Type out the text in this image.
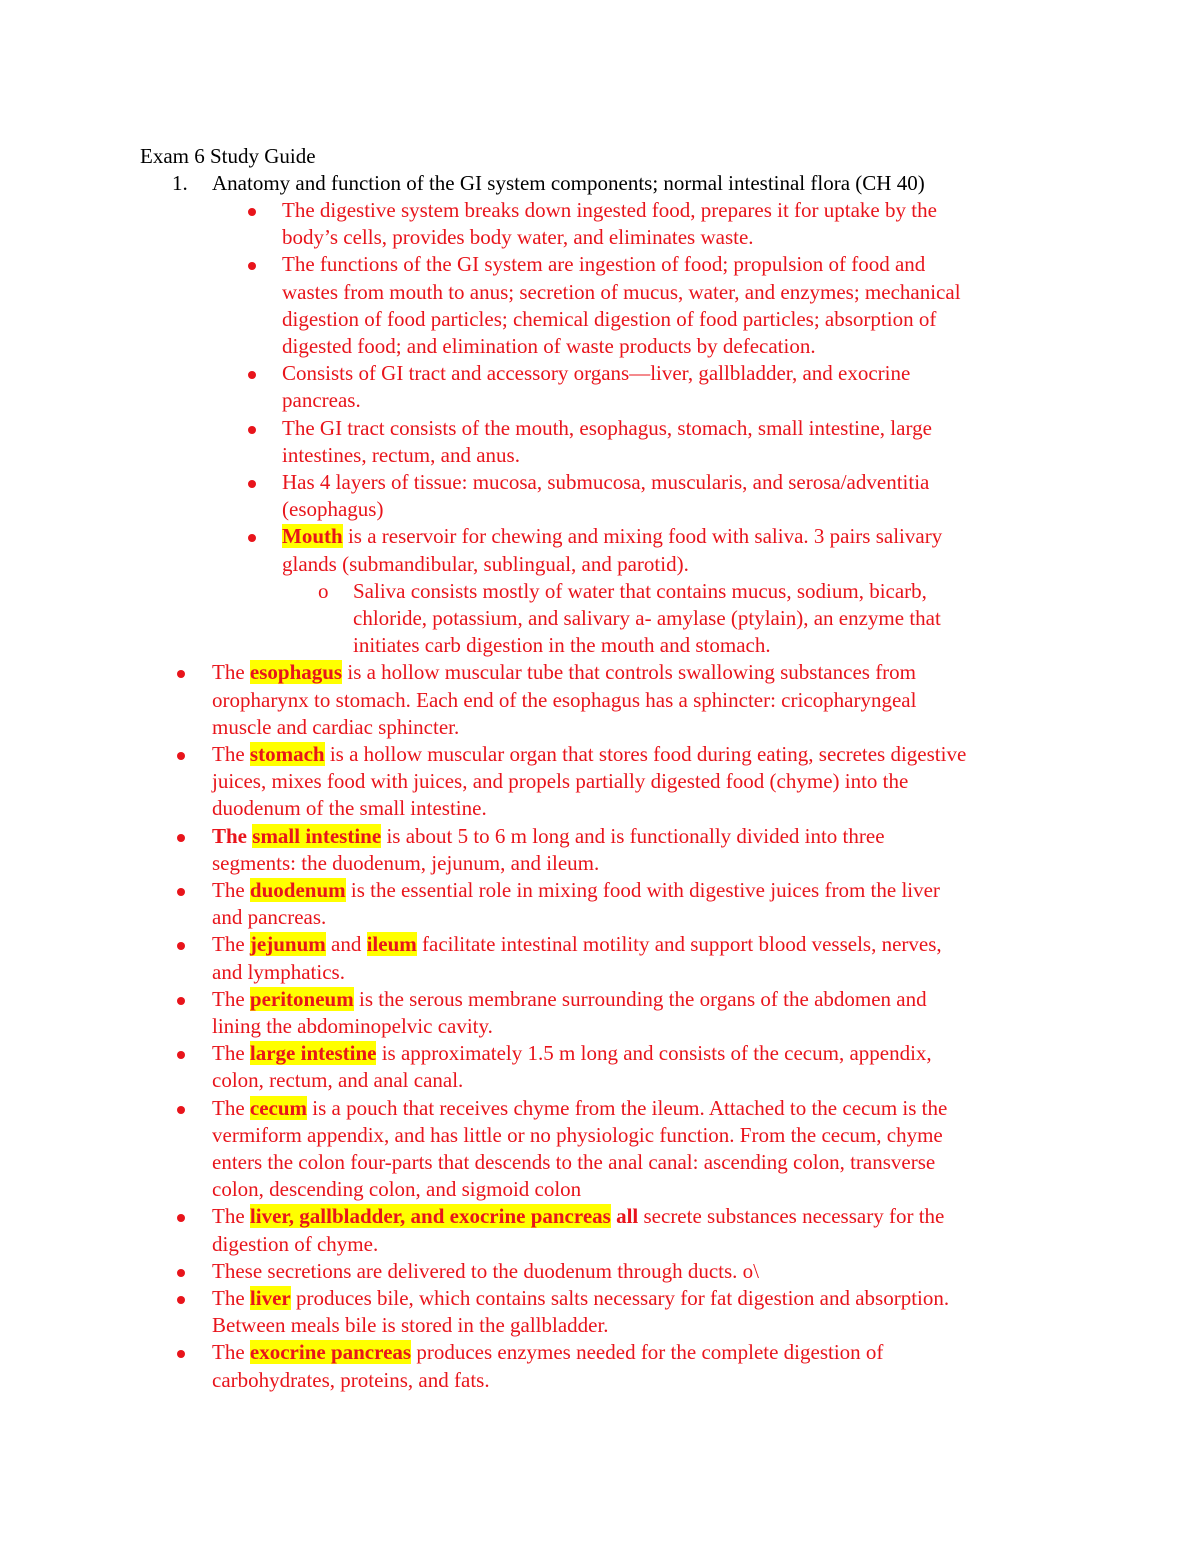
Exam 6 Study Guide
1. Anatomy and function of the GI system components; normal intestinal flora (CH 40)
The digestive system breaks down ingested food, prepares it for uptake by the
body’s cells, provides body water, and eliminates waste.
The functions of the GI system are ingestion of food; propulsion of food and
wastes from mouth to anus; secretion of mucus, water, and enzymes; mechanical
digestion of food particles; chemical digestion of food particles; absorption of
digested food; and elimination of waste products by defecation.
Consists of GI tract and accessory organs—liver, gallbladder, and exocrine
pancreas.
The GI tract consists of the mouth, esophagus, stomach, small intestine, large
intestines, rectum, and anus.
Has 4 layers of tissue: mucosa, submucosa, muscularis, and serosa/adventitia
(esophagus)
Mouth is a reservoir for chewing and mixing food with saliva. 3 pairs salivary
glands (submandibular, sublingual, and parotid).
o Saliva consists mostly of water that contains mucus, sodium, bicarb,
chloride, potassium, and salivary a- amylase (ptylain), an enzyme that
initiates carb digestion in the mouth and stomach.
The esophagus is a hollow muscular tube that controls swallowing substances from
oropharynx to stomach. Each end of the esophagus has a sphincter: cricopharyngeal
muscle and cardiac sphincter.
The stomach is a hollow muscular organ that stores food during eating, secretes digestive
juices, mixes food with juices, and propels partially digested food (chyme) into the
duodenum of the small intestine.
The small intestine is about 5 to 6 m long and is functionally divided into three
segments: the duodenum, jejunum, and ileum.
The duodenum is the essential role in mixing food with digestive juices from the liver
and pancreas.
The jejunum and ileum facilitate intestinal motility and support blood vessels, nerves,
and lymphatics.
The peritoneum is the serous membrane surrounding the organs of the abdomen and
lining the abdominopelvic cavity.
The large intestine is approximately 1.5 m long and consists of the cecum, appendix,
colon, rectum, and anal canal.
The cecum is a pouch that receives chyme from the ileum. Attached to the cecum is the
vermiform appendix, and has little or no physiologic function. From the cecum, chyme
enters the colon four-parts that descends to the anal canal: ascending colon, transverse
colon, descending colon, and sigmoid colon
The liver, gallbladder, and exocrine pancreas all secrete substances necessary for the
digestion of chyme.
These secretions are delivered to the duodenum through ducts. o\
The liver produces bile, which contains salts necessary for fat digestion and absorption.
Between meals bile is stored in the gallbladder.
The exocrine pancreas produces enzymes needed for the complete digestion of
carbohydrates, proteins, and fats.
